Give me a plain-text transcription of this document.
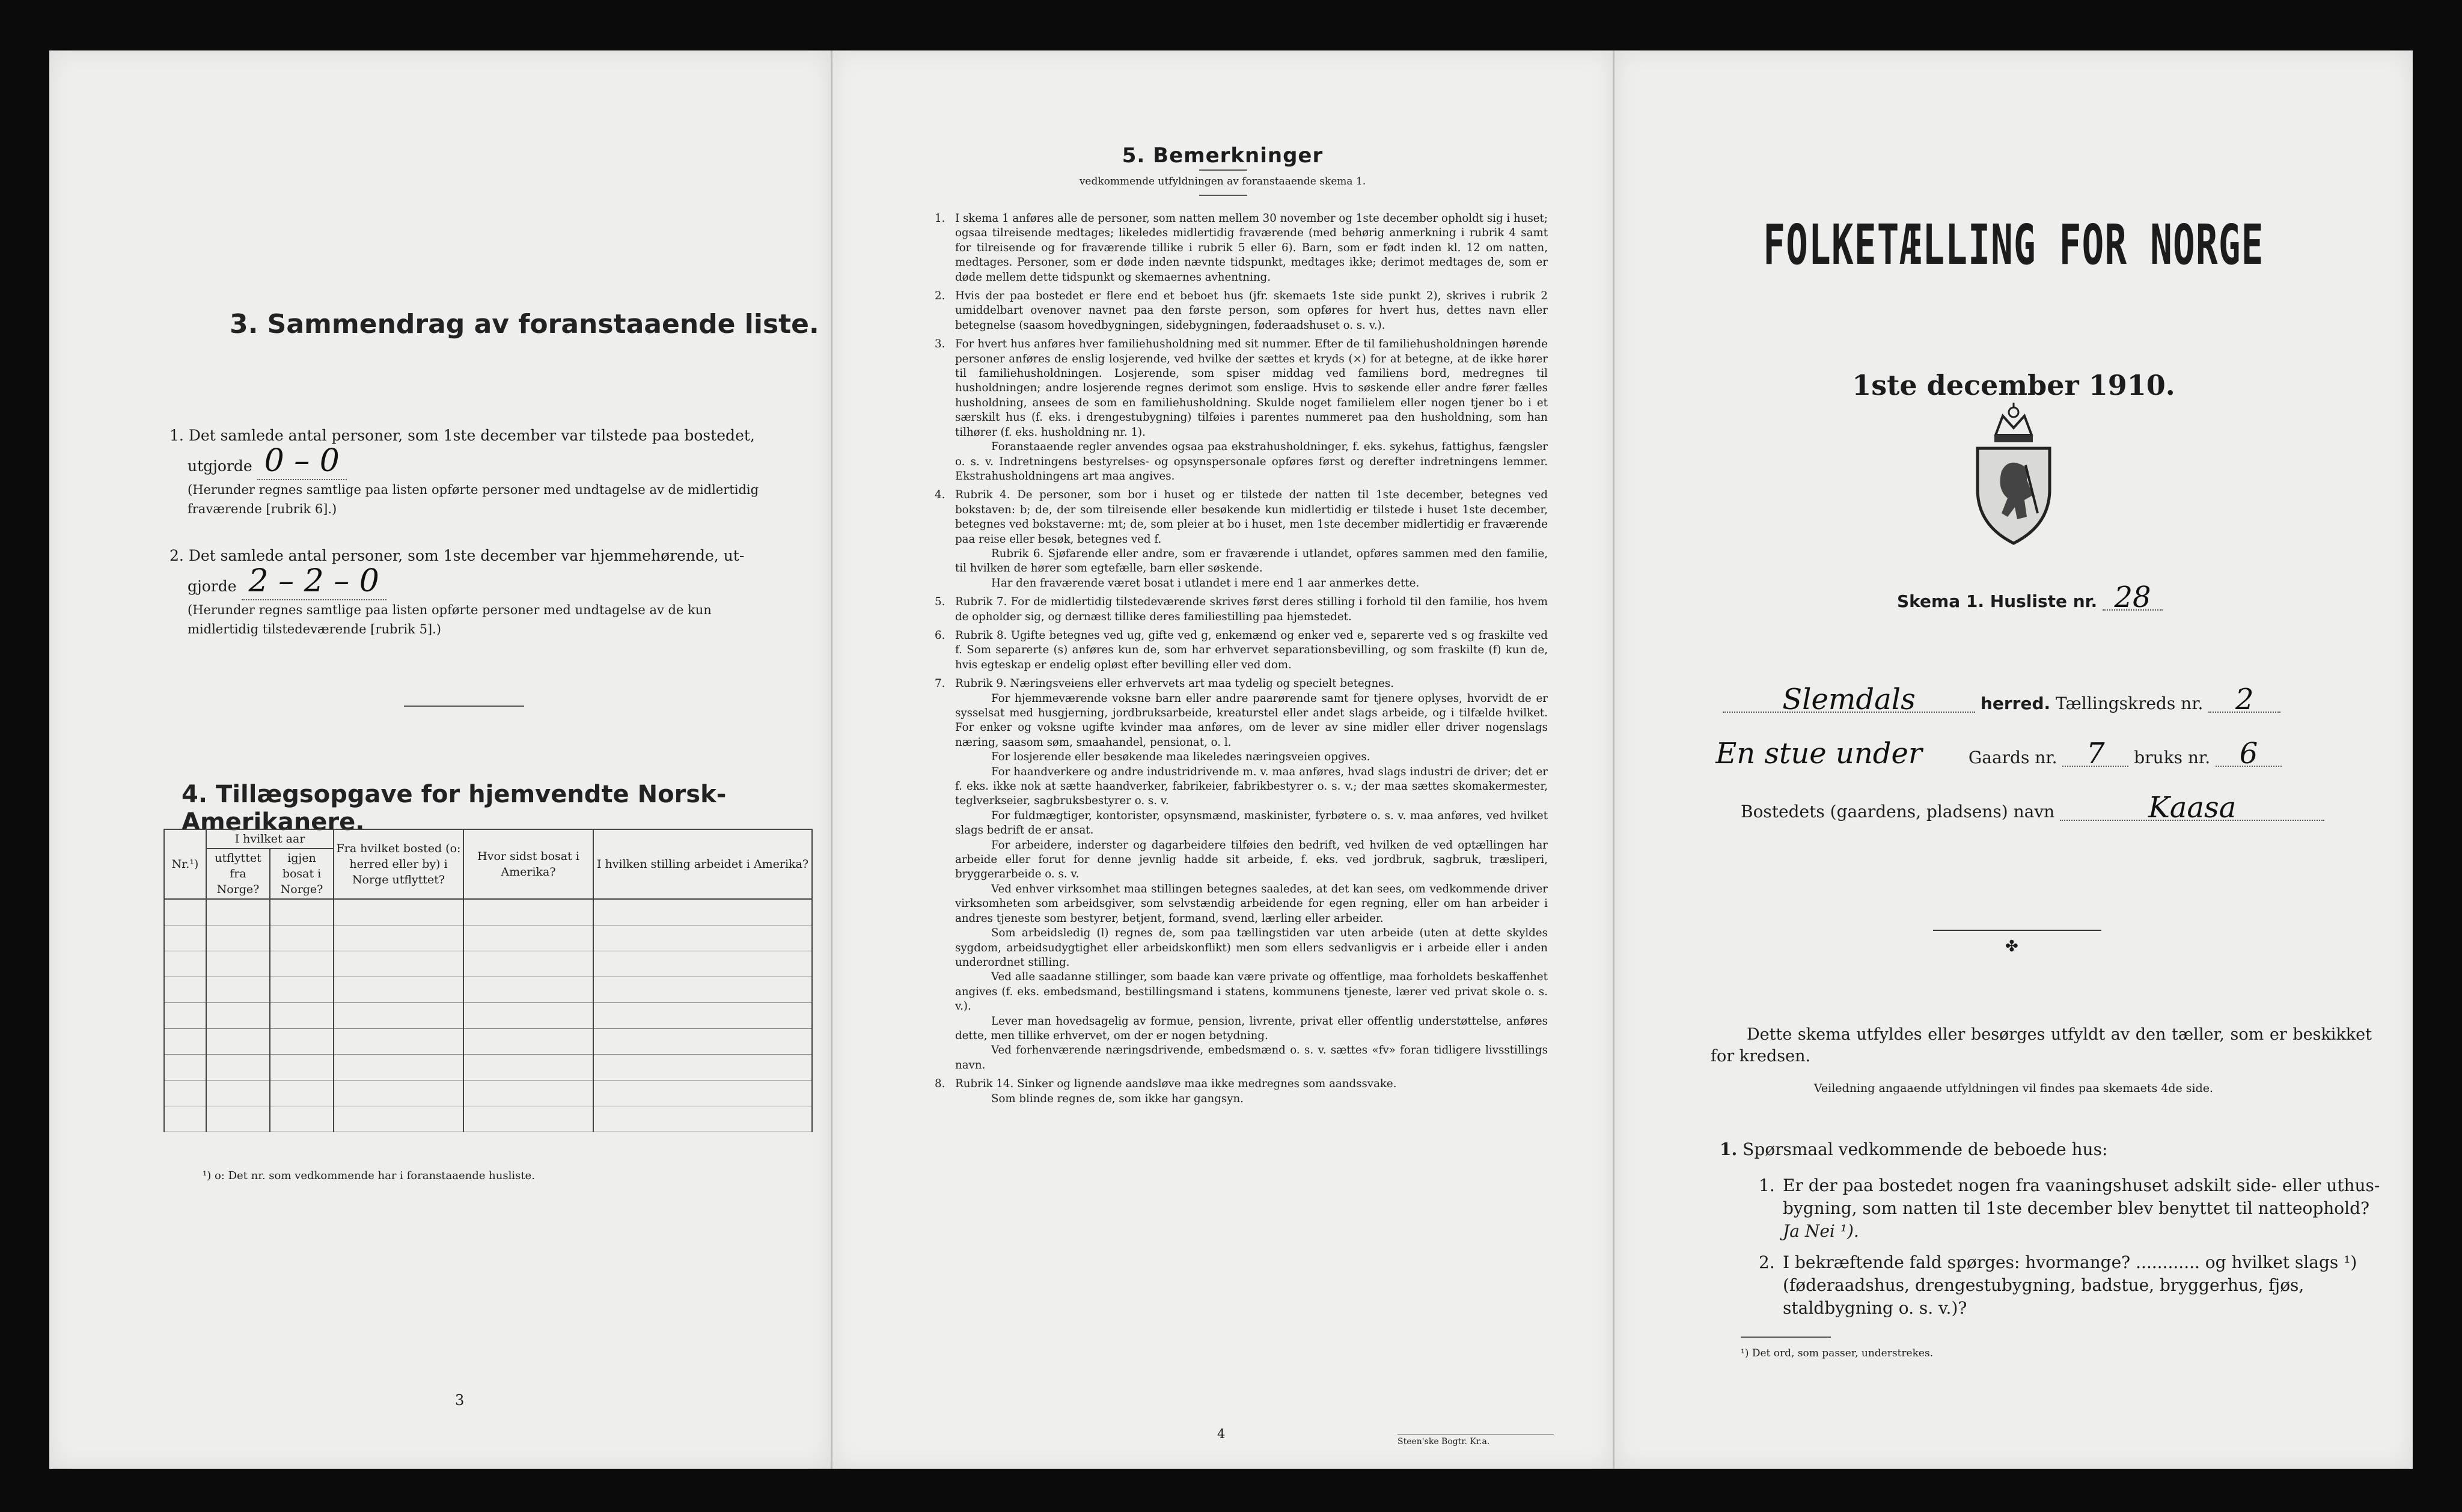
3. Sammendrag av foranstaaende liste.
1. Det samlede antal personer, som 1ste december var tilstede paa bostedet,
utgjorde 0 – 0
(Herunder regnes samtlige paa listen opførte personer med undtagelse av de midlertidig fraværende [rubrik 6].)
2. Det samlede antal personer, som 1ste december var hjemmehørende, ut-
gjorde 2 – 2 – 0
(Herunder regnes samtlige paa listen opførte personer med undtagelse av de kun midlertidig tilstedeværende [rubrik 5].)
4. Tillægsopgave for hjemvendte Norsk-Amerikanere.
Nr.¹)	I hvilket aar		Fra hvilket bosted (o: herred eller by) i Norge utflyttet?	Hvor sidst bosat i Amerika?	I hvilken stilling arbeidet i Amerika?
	utflyttet fra Norge?	igjen bosat i Norge?			

¹) o: Det nr. som vedkommende har i foranstaaende husliste.
3
5. Bemerkninger
vedkommende utfyldningen av foranstaaende skema 1.
1. I skema 1 anføres alle de personer, som natten mellem 30 november og 1ste december opholdt sig i huset; ogsaa tilreisende medtages; likeledes midlertidig fraværende (med behørig anmerkning i rubrik 4 samt for tilreisende og for fraværende tillike i rubrik 5 eller 6). Barn, som er født inden kl. 12 om natten, medtages. Personer, som er døde inden nævnte tidspunkt, medtages ikke; derimot medtages de, som er døde mellem dette tidspunkt og skemaernes avhentning.

2. Hvis der paa bostedet er flere end et beboet hus (jfr. skemaets 1ste side punkt 2), skrives i rubrik 2 umiddelbart ovenover navnet paa den første person, som opføres for hvert hus, dettes navn eller betegnelse (saasom hovedbygningen, sidebygningen, føderaadshuset o. s. v.).

3. For hvert hus anføres hver familiehusholdning med sit nummer. Efter de til familiehusholdningen hørende personer anføres de enslig losjerende, ved hvilke der sættes et kryds (×) for at betegne, at de ikke hører til familiehusholdningen. Losjerende, som spiser middag ved familiens bord, medregnes til husholdningen; andre losjerende regnes derimot som enslige. Hvis to søskende eller andre fører fælles husholdning, ansees de som en familiehusholdning. Skulde noget familielem eller nogen tjener bo i et særskilt hus (f. eks. i drengestubygning) tilføies i parentes nummeret paa den husholdning, som han tilhører (f. eks. husholdning nr. 1).

Foranstaaende regler anvendes ogsaa paa ekstrahusholdninger, f. eks. sykehus, fattighus, fængsler o. s. v. Indretningens bestyrelses- og opsynspersonale opføres først og derefter indretningens lemmer. Ekstrahusholdningens art maa angives.

4. Rubrik 4. De personer, som bor i huset og er tilstede der natten til 1ste december, betegnes ved bokstaven: b; de, der som tilreisende eller besøkende kun midlertidig er tilstede i huset 1ste december, betegnes ved bokstaverne: mt; de, som pleier at bo i huset, men 1ste december midlertidig er fraværende paa reise eller besøk, betegnes ved f.

Rubrik 6. Sjøfarende eller andre, som er fraværende i utlandet, opføres sammen med den familie, til hvilken de hører som egtefælle, barn eller søskende.

Har den fraværende været bosat i utlandet i mere end 1 aar anmerkes dette.

5. Rubrik 7. For de midlertidig tilstedeværende skrives først deres stilling i forhold til den familie, hos hvem de opholder sig, og dernæst tillike deres familiestilling paa hjemstedet.

6. Rubrik 8. Ugifte betegnes ved ug, gifte ved g, enkemænd og enker ved e, separerte ved s og fraskilte ved f. Som separerte (s) anføres kun de, som har erhvervet separationsbevilling, og som fraskilte (f) kun de, hvis egteskap er endelig opløst efter bevilling eller ved dom.

7. Rubrik 9. Næringsveiens eller erhvervets art maa tydelig og specielt betegnes.

For hjemmeværende voksne barn eller andre paarørende samt for tjenere oplyses, hvorvidt de er sysselsat med husgjerning, jordbruksarbeide, kreaturstel eller andet slags arbeide, og i tilfælde hvilket. For enker og voksne ugifte kvinder maa anføres, om de lever av sine midler eller driver nogenslags næring, saasom søm, smaahandel, pensionat, o. l.

For losjerende eller besøkende maa likeledes næringsveien opgives.

For haandverkere og andre industridrivende m. v. maa anføres, hvad slags industri de driver; det er f. eks. ikke nok at sætte haandverker, fabrikeier, fabrikbestyrer o. s. v.; der maa sættes skomakermester, teglverkseier, sagbruksbestyrer o. s. v.

For fuldmægtiger, kontorister, opsynsmænd, maskinister, fyrbøtere o. s. v. maa anføres, ved hvilket slags bedrift de er ansat.

For arbeidere, inderster og dagarbeidere tilføies den bedrift, ved hvilken de ved optællingen har arbeide eller forut for denne jevnlig hadde sit arbeide, f. eks. ved jordbruk, sagbruk, træsliperi, bryggerarbeide o. s. v.

Ved enhver virksomhet maa stillingen betegnes saaledes, at det kan sees, om vedkommende driver virksomheten som arbeidsgiver, som selvstændig arbeidende for egen regning, eller om han arbeider i andres tjeneste som bestyrer, betjent, formand, svend, lærling eller arbeider.

Som arbeidsledig (l) regnes de, som paa tællingstiden var uten arbeide (uten at dette skyldes sygdom, arbeidsudygtighet eller arbeidskonflikt) men som ellers sedvanligvis er i arbeide eller i anden underordnet stilling.

Ved alle saadanne stillinger, som baade kan være private og offentlige, maa forholdets beskaffenhet angives (f. eks. embedsmand, bestillingsmand i statens, kommunens tjeneste, lærer ved privat skole o. s. v.).

Lever man hovedsagelig av formue, pension, livrente, privat eller offentlig understøttelse, anføres dette, men tillike erhvervet, om der er nogen betydning.

Ved forhenværende næringsdrivende, embedsmænd o. s. v. sættes «fv» foran tidligere livsstillings navn.

8. Rubrik 14. Sinker og lignende aandsløve maa ikke medregnes som aandssvake.

Som blinde regnes de, som ikke har gangsyn.

4
Steen'ske Bogtr. Kr.a.
FOLKETÆLLING FOR NORGE
1ste december 1910.
Skema 1. Husliste nr. 28
Slemdals	herred. Tællingskreds nr. 2
En stue under	Gaards nr. 7 bruks nr. 6
Bostedets (gaardens, pladsens) navn	Kaasa
✤
Dette skema utfyldes eller besørges utfyldt av den tæller, som er beskikket for kredsen.
Veiledning angaaende utfyldningen vil findes paa skemaets 4de side.
1. Spørsmaal vedkommende de beboede hus:
1. Er der paa bostedet nogen fra vaaningshuset adskilt side- eller uthus-bygning, som natten til 1ste december blev benyttet til natteophold? Ja Nei ¹).
2. I bekræftende fald spørges: hvormange? ............ og hvilket slags ¹) (føderaadshus, drengestubygning, badstue, bryggerhus, fjøs, staldbygning o. s. v.)?
¹) Det ord, som passer, understrekes.
